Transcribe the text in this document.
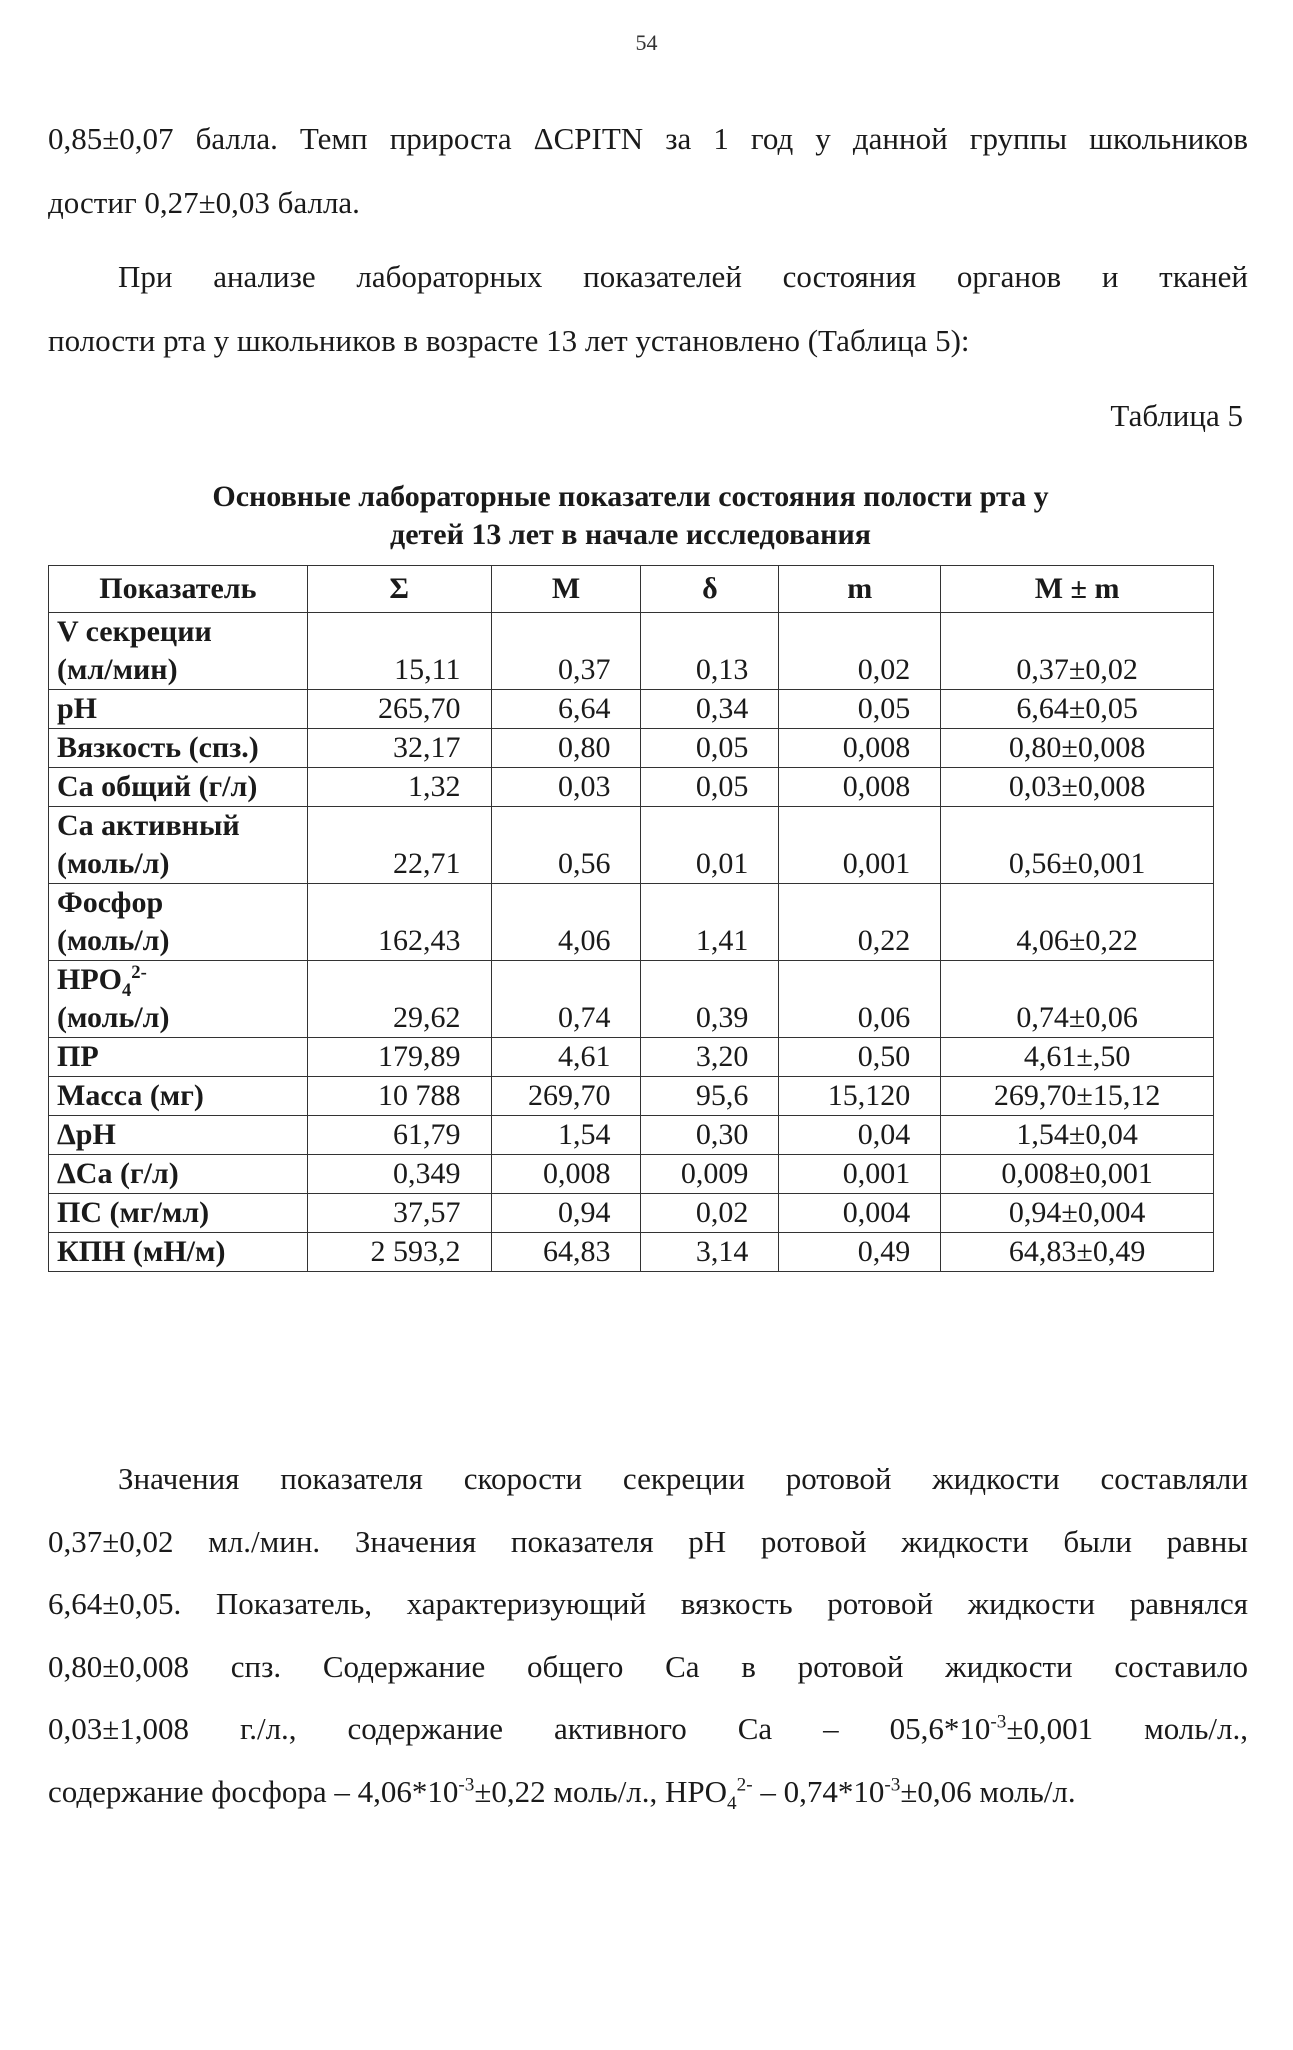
54
0,85±0,07 балла. Темп прироста ΔCPITN за 1 год у данной группы школьников
достиг 0,27±0,03 балла.
При анализе лабораторных показателей состояния органов и тканей
полости рта у школьников в возрасте 13 лет установлено (Таблица 5):
Таблица 5
Основные лабораторные показатели состояния полости рта у
детей 13 лет в начале исследования
Показатель	Σ	M	δ	m	M ± m
V секреции
(мл/мин)	15,11	0,37	0,13	0,02	0,37±0,02
pH	265,70	6,64	0,34	0,05	6,64±0,05
Вязкость (спз.)	32,17	0,80	0,05	0,008	0,80±0,008
Ca общий (г/л)	1,32	0,03	0,05	0,008	0,03±0,008
Ca активный
(моль/л)	22,71	0,56	0,01	0,001	0,56±0,001
Фосфор
(моль/л)	162,43	4,06	1,41	0,22	4,06±0,22
$HPO_4^{2-}$
(моль/л)	29,62	0,74	0,39	0,06	0,74±0,06
ПР	179,89	4,61	3,20	0,50	4,61±,50
Масса (мг)	10 788	269,70	95,6	15,120	269,70±15,12
ΔpH	61,79	1,54	0,30	0,04	1,54±0,04
ΔCa (г/л)	0,349	0,008	0,009	0,001	0,008±0,001
ПС (мг/мл)	37,57	0,94	0,02	0,004	0,94±0,004
КПН (мН/м)	2 593,2	64,83	3,14	0,49	64,83±0,49
Значения показателя скорости секреции ротовой жидкости составляли
0,37±0,02 мл./мин. Значения показателя pH ротовой жидкости были равны
6,64±0,05. Показатель, характеризующий вязкость ротовой жидкости равнялся
0,80±0,008 спз. Содержание общего Ca в ротовой жидкости составило
0,03±1,008 г./л., содержание активного $Ca - 05,6*10^{-3}\pm 0,001$ моль/л.,
содержание фосфора – $4,06*10^{-3}\pm 0,22$ моль/л., $HPO_4^{2-} - 0,74*10^{-3}\pm 0,06$ моль/л.
